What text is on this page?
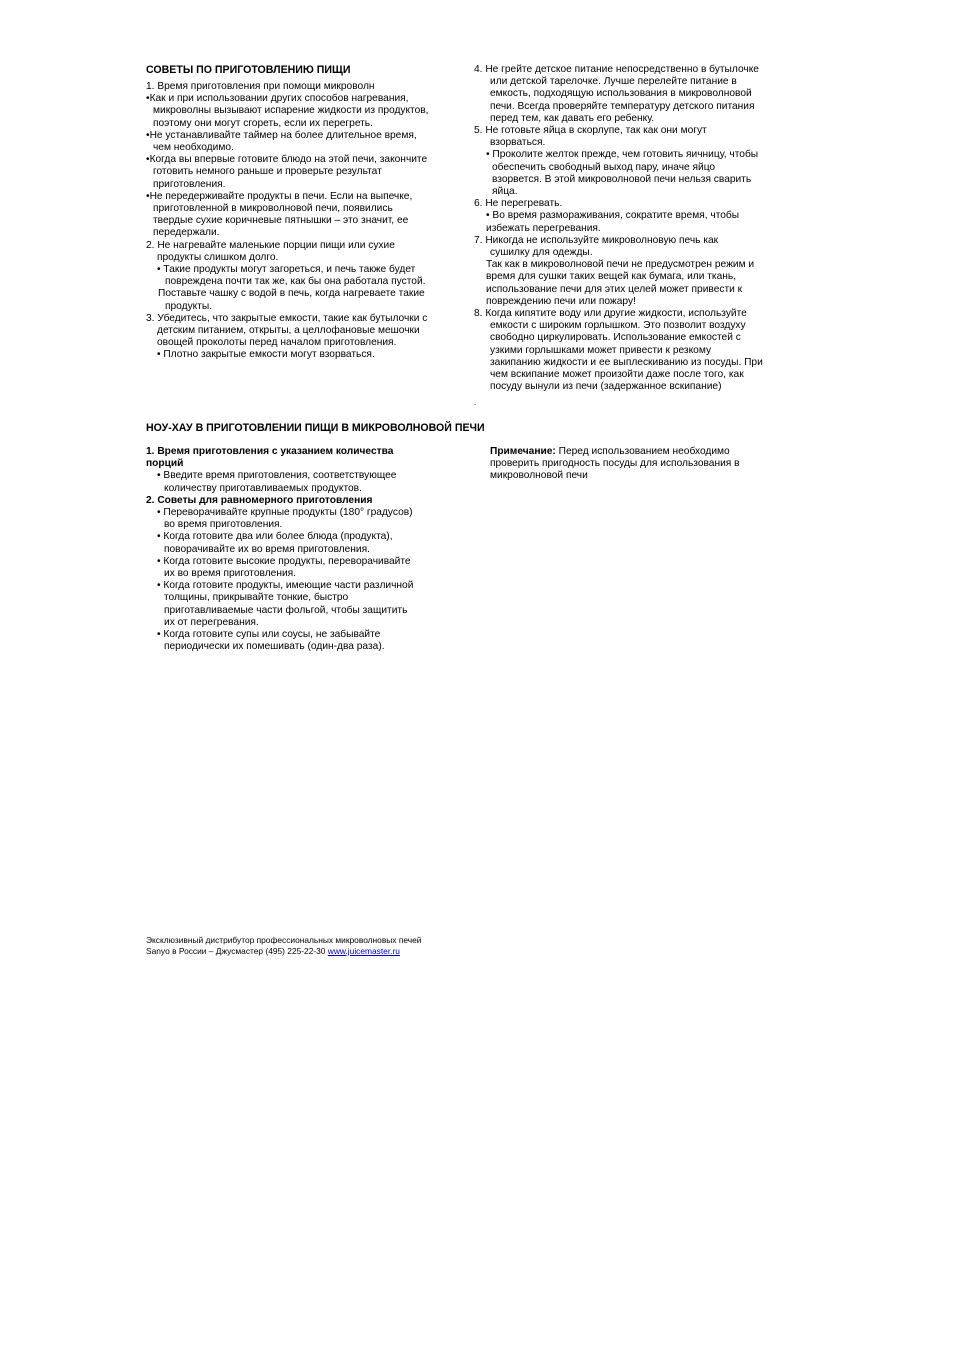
СОВЕТЫ ПО ПРИГОТОВЛЕНИЮ ПИЩИ

1. Время приготовления при помощи микроволн

•Как и при использовании других способов нагревания,

микроволны вызывают испарение жидкости из продуктов,

поэтому они могут сгореть, если их перегреть.

•Не устанавливайте таймер на более длительное время,

чем необходимо.

•Когда вы впервые готовите блюдо на этой печи, закончите

готовить немного раньше и проверьте результат

приготовления.

•Не передерживайте продукты в печи. Если на выпечке,

приготовленной в микроволновой печи, появились

твердые сухие коричневые пятнышки – это значит, ее

передержали.

2. Не нагревайте маленькие порции пищи или сухие

продукты слишком долго.

• Такие продукты могут загореться, и печь также будет

повреждена почти так же, как бы она работала пустой.

Поставьте чашку с водой в печь, когда нагреваете такие

продукты.

3. Убедитесь, что закрытые емкости, такие как бутылочки с

детским питанием, открыты, а целлофановые мешочки

овощей проколоты перед началом приготовления.

• Плотно закрытые емкости могут взорваться.

4. Не грейте детское питание непосредственно в бутылочке

или детской тарелочке. Лучше перелейте питание в

емкость, подходящую использования в микроволновой

печи. Всегда проверяйте температуру детского питания

перед тем, как давать его ребенку.

5. Не готовьте яйца в скорлупе, так как они могут

взорваться.

• Проколите желток прежде, чем готовить яичницу, чтобы

обеспечить свободный выход пару, иначе яйцо

взорвется. В этой микроволновой печи нельзя сварить

яйца.

6. Не перегревать.

• Во время размораживания, сократите время, чтобы

избежать перегревания.

7. Никогда не используйте микроволновую печь как

сушилку для одежды.

Так как в микроволновой печи не предусмотрен режим и

время для сушки таких вещей как бумага, или ткань,

использование печи для этих целей может привести к

повреждению печи или пожару!

8. Когда кипятите воду или другие жидкости, используйте

емкости с широким горлышком. Это позволит воздуху

свободно циркулировать. Использование емкостей с

узкими горлышками может привести к резкому

закипанию жидкости и ее выплескиванию из посуды. При

чем вскипание может произойти даже после того, как

посуду вынули из печи (задержанное вскипание)

.
НОУ-ХАУ В ПРИГОТОВЛЕНИИ ПИЩИ В МИКРОВОЛНОВОЙ ПЕЧИ

1. Время приготовления с указанием количества

порций

• Введите время приготовления, соответствующее

количеству приготавливаемых продуктов.

2. Советы для равномерного приготовления

• Переворачивайте крупные продукты (180° градусов)

во время приготовления.

• Когда готовите два или более блюда (продукта),

поворачивайте их во время приготовления.

• Когда готовите высокие продукты, переворачивайте

их во время приготовления.

• Когда готовите продукты, имеющие части различной

толщины, прикрывайте тонкие, быстро

приготавливаемые части фольгой, чтобы защитить

их от перегревания.

• Когда готовите супы или соусы, не забывайте

периодически их помешивать (один-два раза).

Примечание: Перед использованием необходимо

проверить пригодность посуды для использования в

микроволновой печи

Эксклюзивный дистрибутор профессиональных микроволновых печей
Sanyo в России – Джусмастер (495) 225-22-30 www.juicemaster.ru
